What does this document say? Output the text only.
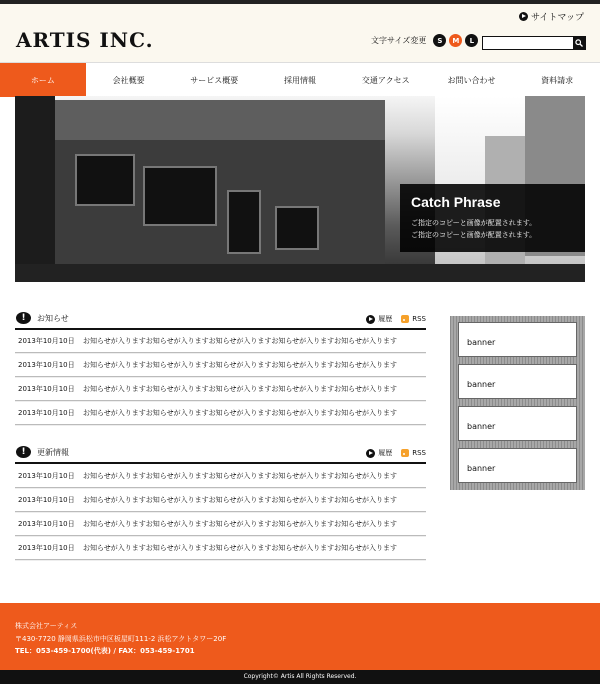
ARTIS INC.
サイトマップ
文字サイズ変更	S	M	L
ホーム	会社概要	サービス概要	採用情報	交通アクセス	お問い合わせ	資料請求
Catch Phrase
ご指定のコピーと画像が配置されます。
ご指定のコピーと画像が配置されます。
!	お知らせ	履歴	RSS
2013年10月10日	お知らせが入りますお知らせが入りますお知らせが入りますお知らせが入りますお知らせが入ります
2013年10月10日	お知らせが入りますお知らせが入りますお知らせが入りますお知らせが入りますお知らせが入ります
2013年10月10日	お知らせが入りますお知らせが入りますお知らせが入りますお知らせが入りますお知らせが入ります
2013年10月10日	お知らせが入りますお知らせが入りますお知らせが入りますお知らせが入りますお知らせが入ります
!	更新情報	履歴	RSS
2013年10月10日	お知らせが入りますお知らせが入りますお知らせが入りますお知らせが入りますお知らせが入ります
2013年10月10日	お知らせが入りますお知らせが入りますお知らせが入りますお知らせが入りますお知らせが入ります
2013年10月10日	お知らせが入りますお知らせが入りますお知らせが入りますお知らせが入りますお知らせが入ります
2013年10月10日	お知らせが入りますお知らせが入りますお知らせが入りますお知らせが入りますお知らせが入ります
banner
banner
banner
banner
株式会社アーティス
〒430-7720 静岡県浜松市中区板屋町111-2 浜松アクトタワー20F
TEL：053-459-1700(代表) / FAX：053-459-1701
Copyright© Artis All Rights Reserved.
